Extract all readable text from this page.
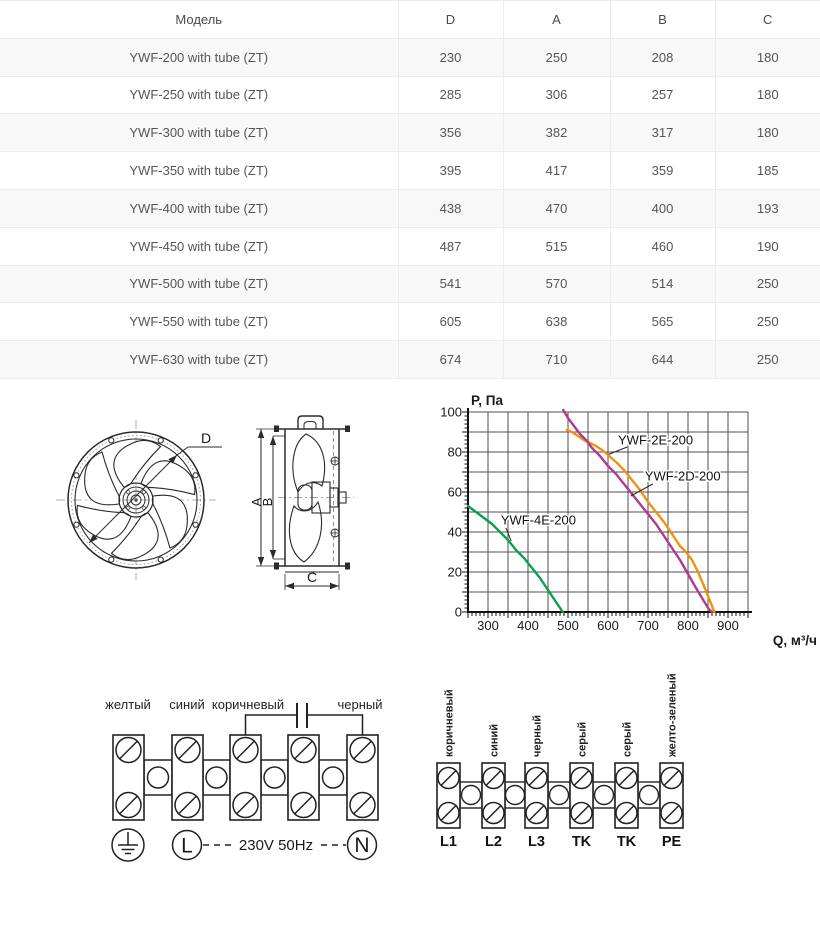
Модель	D	A	B	C
YWF-200 with tube (ZT)	230	250	208	180
YWF-250 with tube (ZT)	285	306	257	180
YWF-300 with tube (ZT)	356	382	317	180
YWF-350 with tube (ZT)	395	417	359	185
YWF-400 with tube (ZT)	438	470	400	193
YWF-450 with tube (ZT)	487	515	460	190
YWF-500 with tube (ZT)	541	570	514	250
YWF-550 with tube (ZT)	605	638	565	250
YWF-630 with tube (ZT)	674	710	644	250
D
A
B
C
0
20
40
60
80
100
300 400 500 600 700 800 900
P, Па
Q, м³/ч
YWF-4E-200
YWF-2E-200
YWF-2D-200
желтый синий коричневый	черный
L	230V 50Hz N
коричневый	синий	черный	серый	серый	желто-зеленый
L1 L2 L3 TK TK PE
